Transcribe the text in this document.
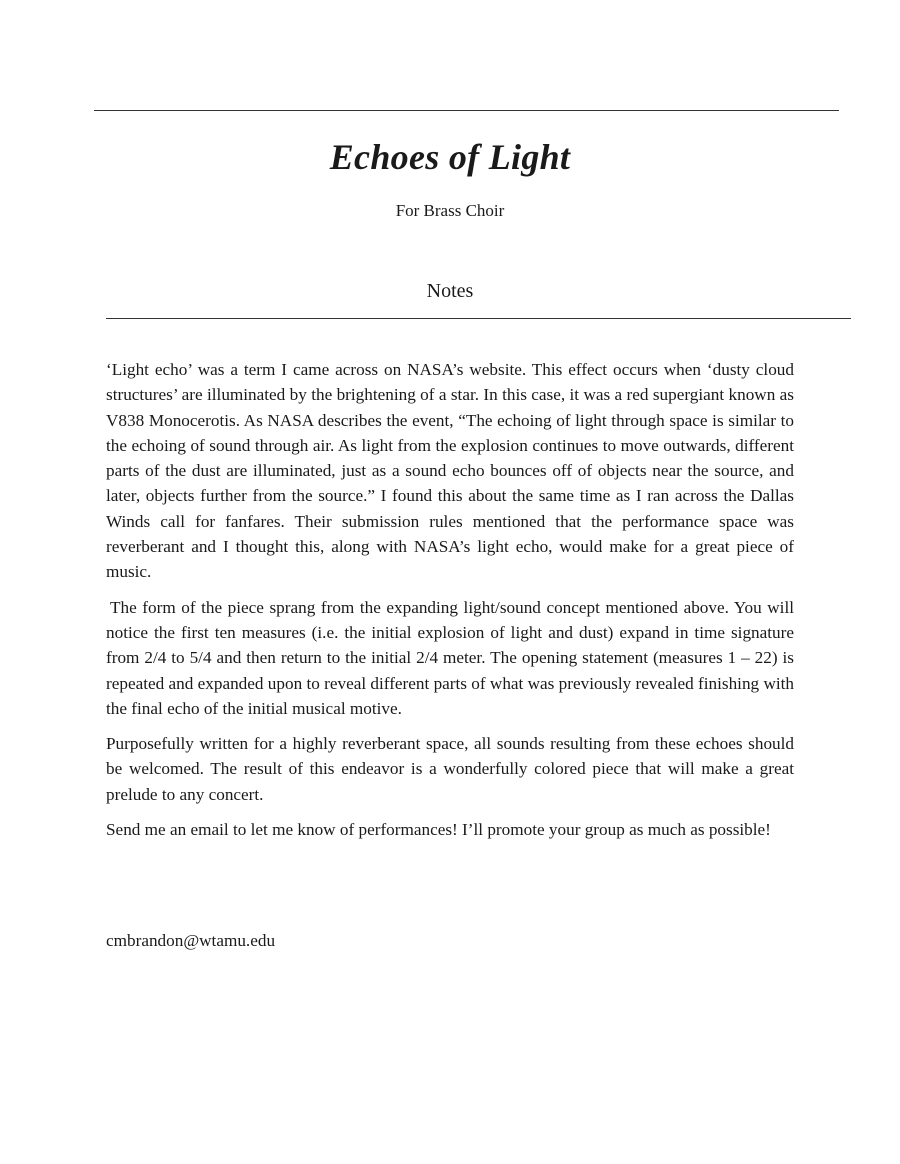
Echoes of Light
For Brass Choir
Notes

‘Light echo’ was a term I came across on NASA’s website. This effect occurs when ‘dusty cloud structures’ are illuminated by the brightening of a star. In this case, it was a red supergiant known as V838 Monocerotis. As NASA describes the event, “The echoing of light through space is similar to the echoing of sound through air. As light from the explosion continues to move outwards, different parts of the dust are illuminated, just as a sound echo bounces off of objects near the source, and later, objects further from the source.” I found this about the same time as I ran across the Dallas Winds call for fanfares. Their submission rules mentioned that the performance space was reverberant and I thought this, along with NASA’s light echo, would make for a great piece of music.

The form of the piece sprang from the expanding light/sound concept mentioned above. You will notice the first ten measures (i.e. the initial explosion of light and dust) expand in time signature from 2/4 to 5/4 and then return to the initial 2/4 meter. The opening statement (measures 1 – 22) is repeated and expanded upon to reveal different parts of what was previously revealed finishing with the final echo of the initial musical motive.

Purposefully written for a highly reverberant space, all sounds resulting from these echoes should be welcomed. The result of this endeavor is a wonderfully colored piece that will make a great prelude to any concert.

Send me an email to let me know of performances! I’ll promote your group as much as possible!

cmbrandon@wtamu.edu
